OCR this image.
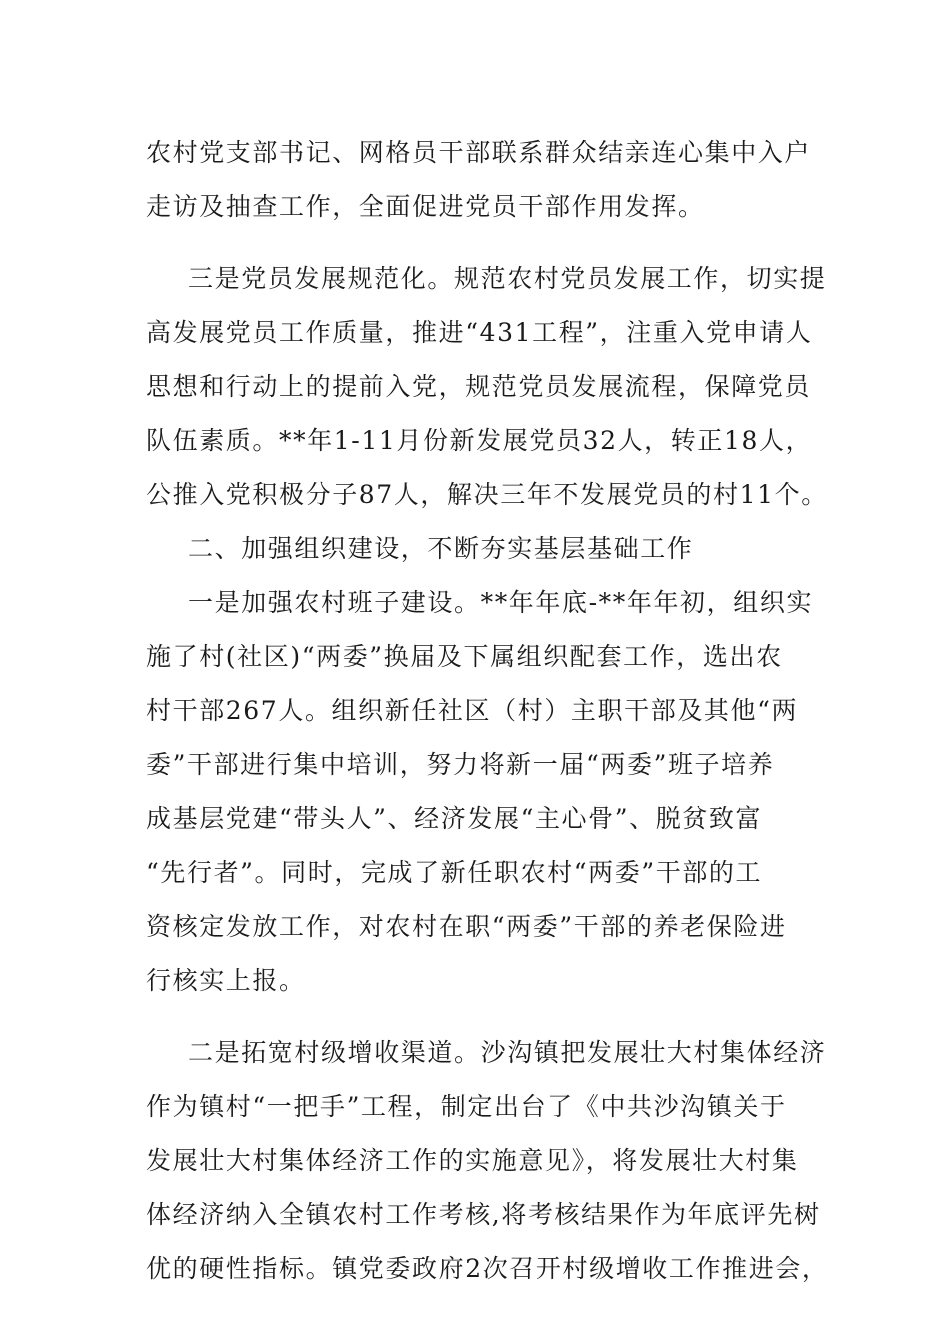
农村党支部书记、网格员干部联系群众结亲连心集中入户
走访及抽查工作，全面促进党员干部作用发挥。

三是党员发展规范化。规范农村党员发展工作，切实提
高发展党员工作质量，推进“431工程”，注重入党申请人
思想和行动上的提前入党，规范党员发展流程，保障党员
队伍素质。**年1-11月份新发展党员32人，转正18人，
公推入党积极分子87人，解决三年不发展党员的村11个。

二、加强组织建设，不断夯实基层基础工作

一是加强农村班子建设。**年年底-**年年初，组织实
施了村(社区)“两委”换届及下属组织配套工作，选出农
村干部267人。组织新任社区（村）主职干部及其他“两
委”干部进行集中培训，努力将新一届“两委”班子培养
成基层党建“带头人”、经济发展“主心骨”、脱贫致富
“先行者”。同时，完成了新任职农村“两委”干部的工
资核定发放工作，对农村在职“两委”干部的养老保险进
行核实上报。

二是拓宽村级增收渠道。沙沟镇把发展壮大村集体经济
作为镇村“一把手”工程，制定出台了《中共沙沟镇关于
发展壮大村集体经济工作的实施意见》，将发展壮大村集
体经济纳入全镇农村工作考核,将考核结果作为年底评先树
优的硬性指标。镇党委政府2次召开村级增收工作推进会，
